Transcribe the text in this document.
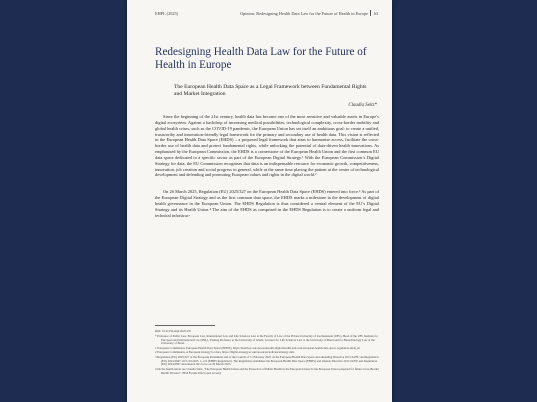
EHPL (2025)	Opinion: Redesigning Health Data Law for the Future of Health in Europe 63
Redesigning Health Data Law for the Future of Health in Europe
The European Health Data Space as a Legal Framework between Fundamental Rights and Market Integration
Claudia Seitz*

Since the beginning of the 21st century, health data has become one of the most sensitive and valuable assets in Europe’s digital ecosystem. Against a backdrop of increasing medical possibilities, technological complexity, cross-border mobility and global health crises, such as the COVID-19 pandemic, the European Union has set itself an ambitious goal: to create a unified, trustworthy and innovation-friendly legal framework for the primary and secondary use of health data. This vision is reflected in the European Health Data Space (EHDS) – a proposed legal framework that aims to harmonise access, facilitate the cross-border use of health data and protect fundamental rights, while unlocking the potential of data-driven health innovations. As emphasised by the European Commission, the EHDS is a cornerstone of the European Health Union and the first common EU data space dedicated to a specific sector as part of the European Digital Strategy.¹ With the European Commission’s Digital Strategy for data, the EU Commission recognises that data is an indispensable resource for economic growth, competitiveness, innovation, job creation and social progress in general, while at the same time placing the patient at the centre of technological development and defending and promoting European values and rights in the digital world.²

On 26 March 2025, Regulation (EU) 2025/327 on the European Health Data Space (EHDS) entered into force.³ As part of the European Digital Strategy and as the first common data space, the EHDS marks a milestone in the development of digital health governance in the European Union. The EHDS Regulation is thus considered a central element of the EU’s Digital Strategy and its Health Union.⁴ The aim of the EHDS as comprised in the EHDS Regulation is to create a uniform legal and technical infrastruc-

DOI: 10.21552/ehpl/2025/2/6
* Professor of Public Law, European Law, International Law and Life Sciences Law at the Faculty of Law of the Private University of Liechtenstein (UFL), Head of the UFL Institute for European and International Law (IEIL), Visiting Professor at the University of Ghent, Lecturer for Life Sciences Law at the University of Basel and for Biotechnology Law at the University of Bonn.
1 European Commission, European Health Data Space (EHDS), https://health.ec.europa.eu/ehealth-digital-health-and-care/european-health-data-space-regulation-ehds_en
2 European Commission, A European strategy for data, https://digital-strategy.ec.europa.eu/en/policies/strategy-data
3 Regulation (EU) 2025/327 of the European Parliament and of the Council of 11 February 2025 on the European Health Data Space and amending Directive 2011/24/EU and Regulation (EU) 2024/2847, OJ L 03.2025, 1–112 (EHDS Regulation). The Regulation establishes the European Health Data Space (EHDS) and amends Directive 2011/24/EU and Regulation (EU) 2024/2847 and entered into force on 26 March 2025.
4 On the health union see Claudia Seitz, ‘The European Health Union and the Protection of Public Health in the European Union: Is the European Union prepared for future Cross-Border Health Threats?’, EEA Forum 2022 (open access).
